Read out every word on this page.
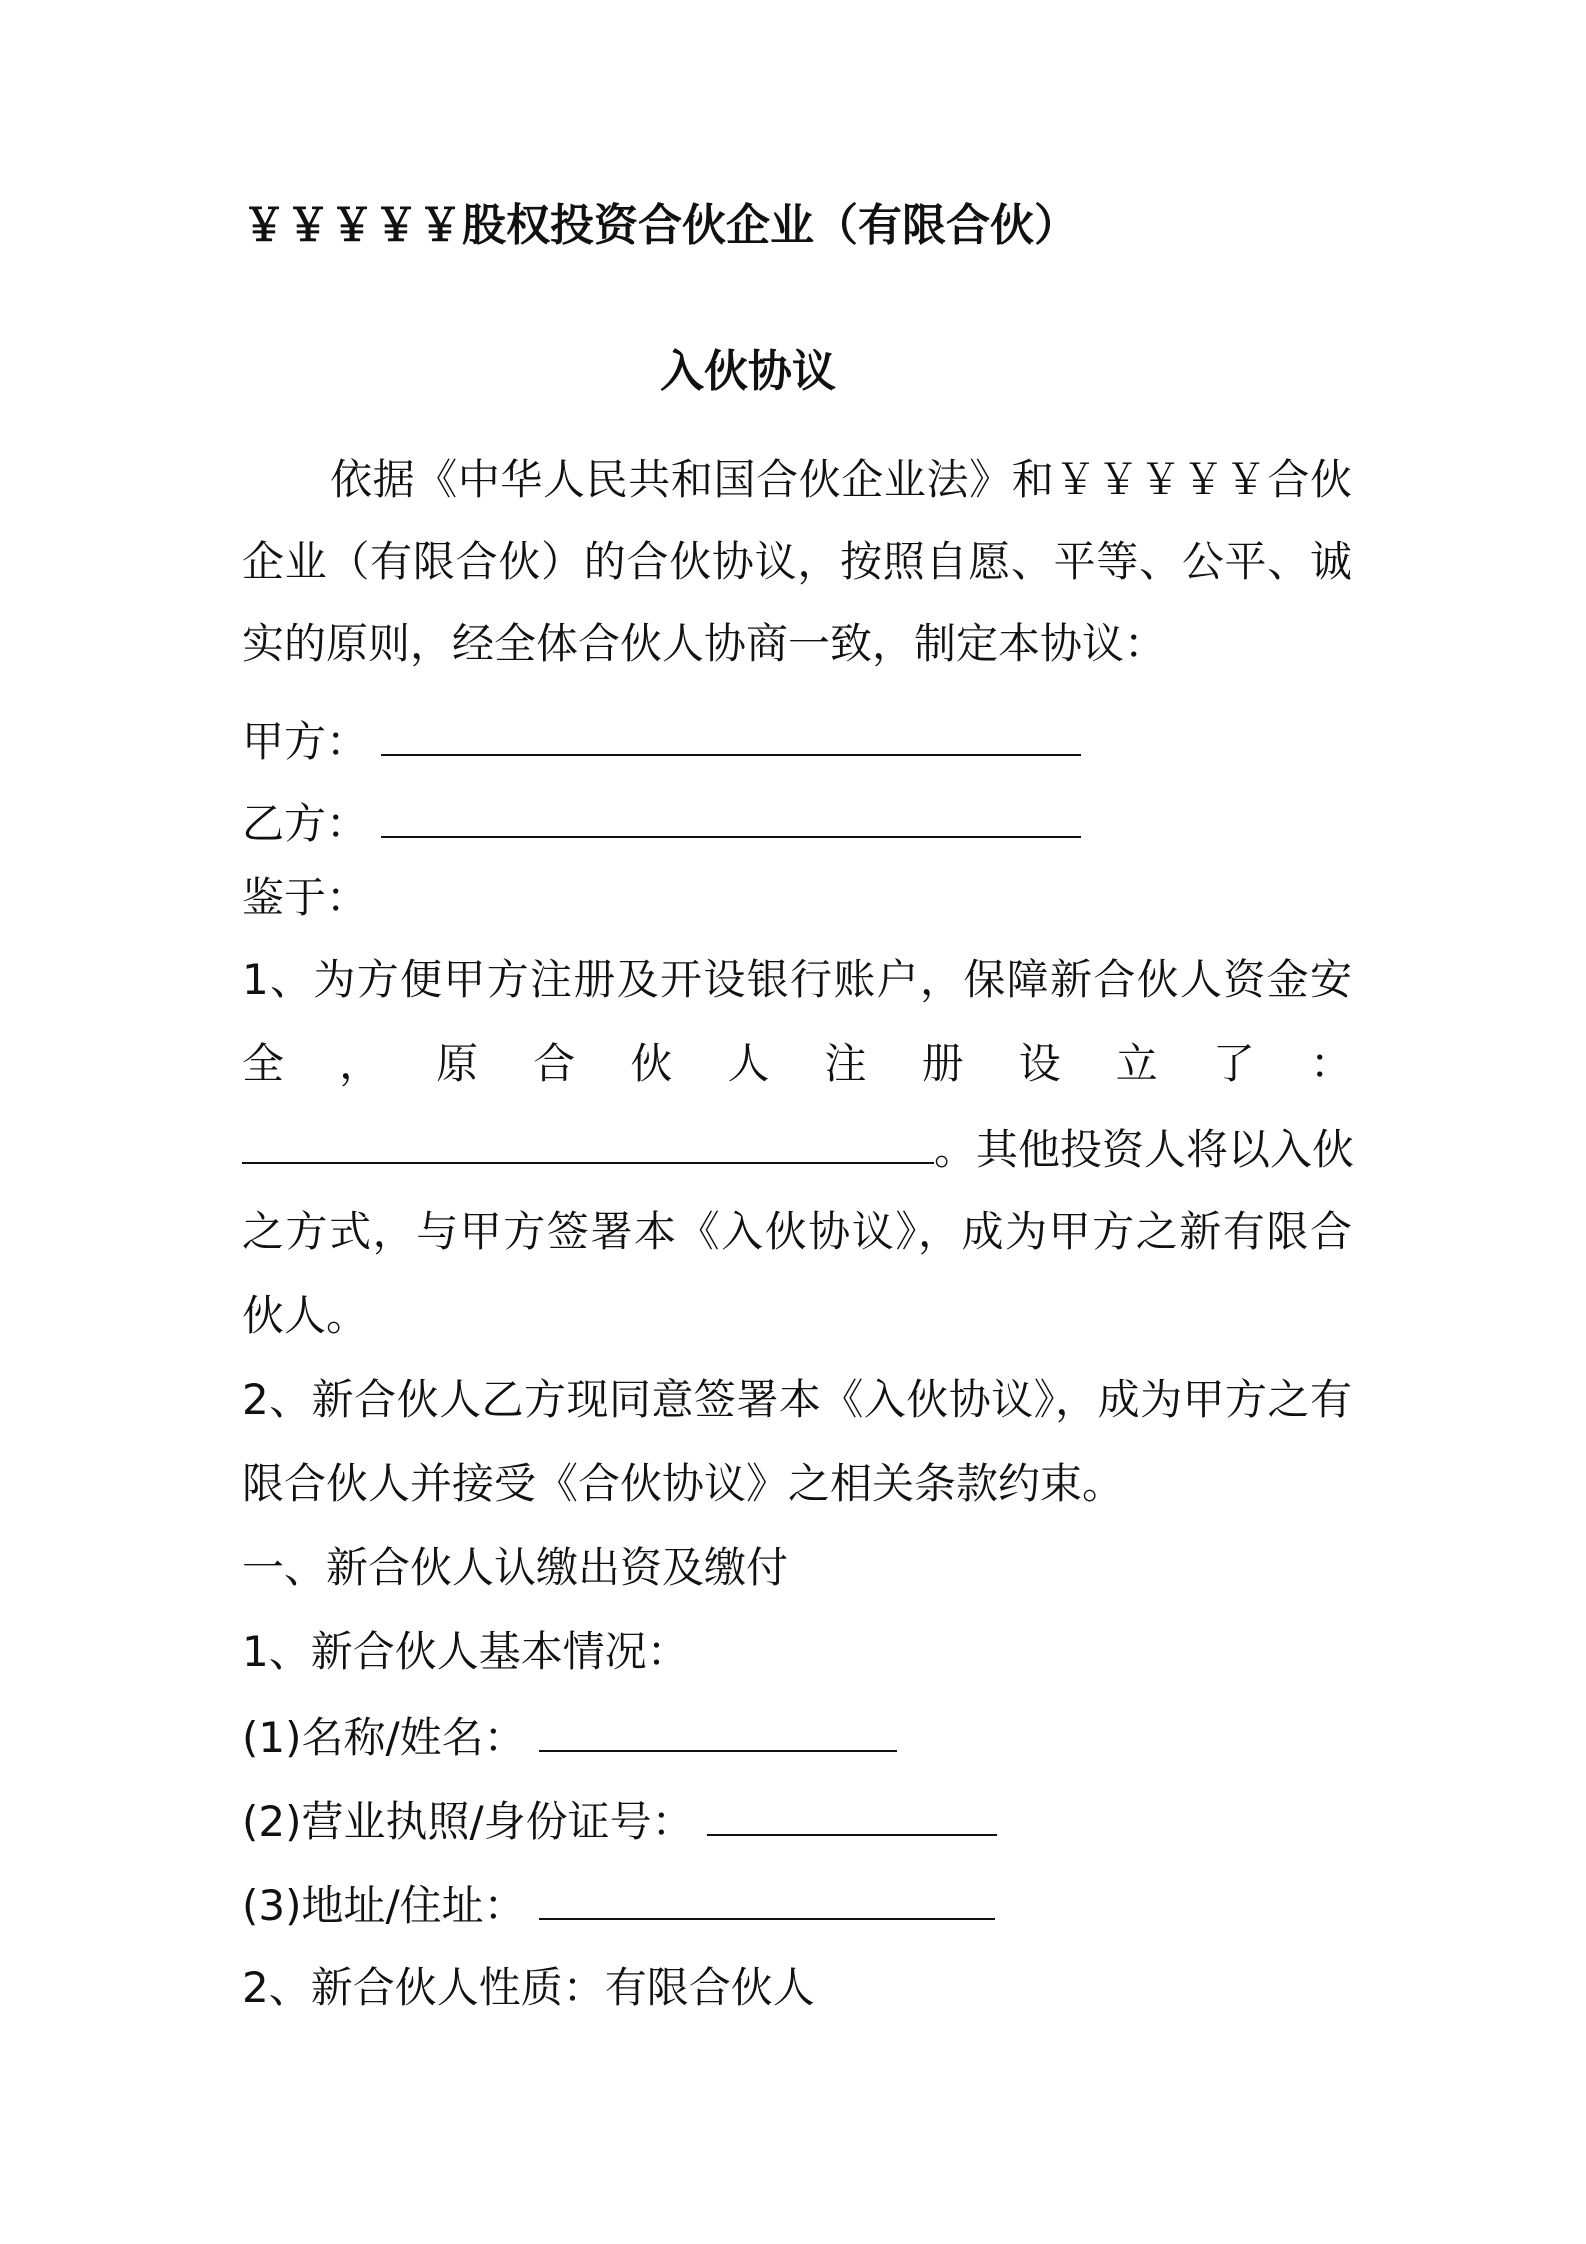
￥￥￥￥￥股权投资合伙企业（有限合伙）
入伙协议
依据《中华人民共和国合伙企业法》和￥￥￥￥￥合伙
企业（有限合伙）的合伙协议，按照自愿、平等、公平、诚
实的原则，经全体合伙人协商一致，制定本协议：
甲方：
乙方：
鉴于：
1、为方便甲方注册及开设银行账户，保障新合伙人资金安
全，原合伙人注册设立了：
。其他投资人将以入伙
之方式，与甲方签署本《入伙协议》，成为甲方之新有限合
伙人。
2、新合伙人乙方现同意签署本《入伙协议》，成为甲方之有
限合伙人并接受《合伙协议》之相关条款约束。
一、新合伙人认缴出资及缴付
1、新合伙人基本情况：
(1)名称/姓名：
(2)营业执照/身份证号：
(3)地址/住址：
2、新合伙人性质：有限合伙人
